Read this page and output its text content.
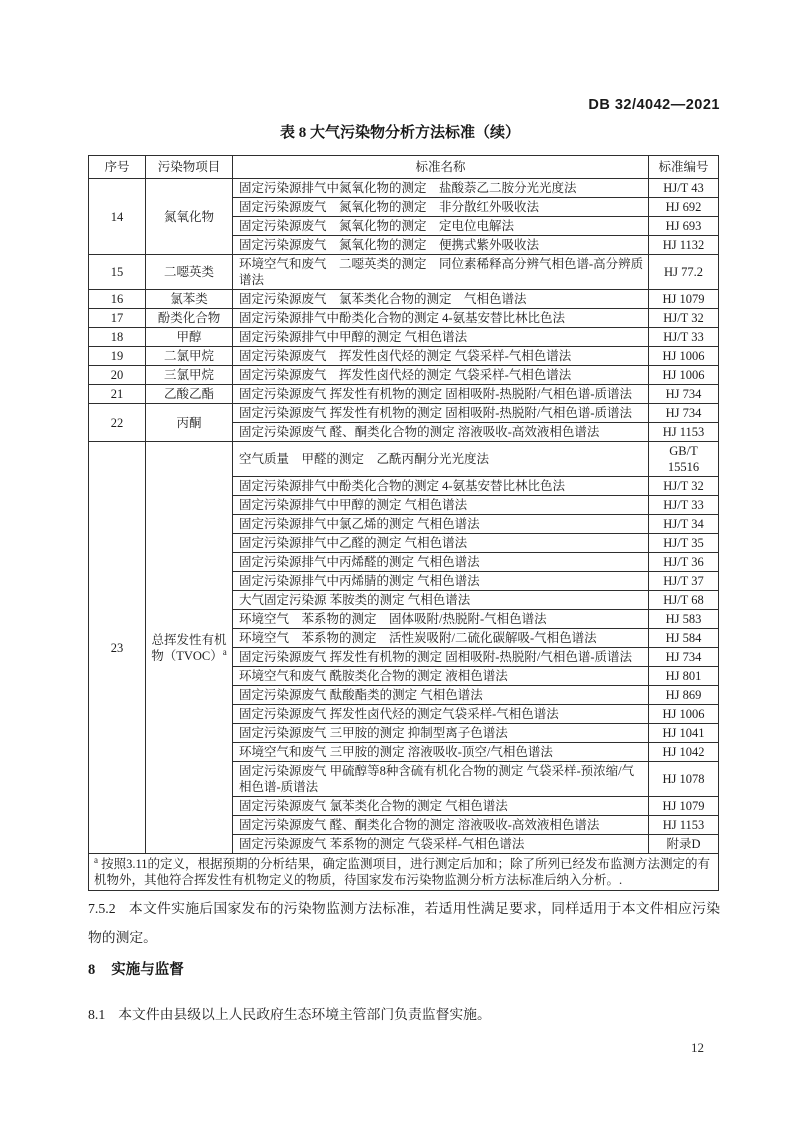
DB 32/4042—2021
表 8 大气污染物分析方法标准（续）
序号	污染物项目	标准名称	标准编号
14	氮氧化物	固定污染源排气中氮氧化物的测定　盐酸萘乙二胺分光光度法	HJ/T 43
		固定污染源废气　氮氧化物的测定　非分散红外吸收法	HJ 692
		固定污染源废气　氮氧化物的测定　定电位电解法	HJ 693
		固定污染源废气　氮氧化物的测定　便携式紫外吸收法	HJ 1132
15	二噁英类	环境空气和废气　二噁英类的测定　同位素稀释高分辨气相色谱-高分辨质谱法	HJ 77.2
16	氯苯类	固定污染源废气　氯苯类化合物的测定　气相色谱法	HJ 1079
17	酚类化合物	固定污染源排气中酚类化合物的测定 4-氨基安替比林比色法	HJ/T 32
18	甲醇	固定污染源排气中甲醇的测定 气相色谱法	HJ/T 33
19	二氯甲烷	固定污染源废气　挥发性卤代烃的测定 气袋采样-气相色谱法	HJ 1006
20	三氯甲烷	固定污染源废气　挥发性卤代烃的测定 气袋采样-气相色谱法	HJ 1006
21	乙酸乙酯	固定污染源废气 挥发性有机物的测定 固相吸附-热脱附/气相色谱-质谱法	HJ 734
22	丙酮	固定污染源废气 挥发性有机物的测定 固相吸附-热脱附/气相色谱-质谱法	HJ 734
		固定污染源废气 醛、酮类化合物的测定 溶液吸收-高效液相色谱法	HJ 1153
23	总挥发性有机物（TVOC）$^a$	空气质量　甲醛的测定　乙酰丙酮分光光度法	GB/T 15516
		固定污染源排气中酚类化合物的测定 4-氨基安替比林比色法	HJ/T 32
		固定污染源排气中甲醇的测定 气相色谱法	HJ/T 33
		固定污染源排气中氯乙烯的测定 气相色谱法	HJ/T 34
		固定污染源排气中乙醛的测定 气相色谱法	HJ/T 35
		固定污染源排气中丙烯醛的测定 气相色谱法	HJ/T 36
		固定污染源排气中丙烯腈的测定 气相色谱法	HJ/T 37
		大气固定污染源 苯胺类的测定 气相色谱法	HJ/T 68
		环境空气　苯系物的测定　固体吸附/热脱附-气相色谱法	HJ 583
		环境空气　苯系物的测定　活性炭吸附/二硫化碳解吸-气相色谱法	HJ 584
		固定污染源废气 挥发性有机物的测定 固相吸附-热脱附/气相色谱-质谱法	HJ 734
		环境空气和废气 酰胺类化合物的测定 液相色谱法	HJ 801
		固定污染源废气 酞酸酯类的测定 气相色谱法	HJ 869
		固定污染源废气 挥发性卤代烃的测定气袋采样-气相色谱法	HJ 1006
		固定污染源废气 三甲胺的测定 抑制型离子色谱法	HJ 1041
		环境空气和废气 三甲胺的测定 溶液吸收-顶空/气相色谱法	HJ 1042
		固定污染源废气 甲硫醇等8种含硫有机化合物的测定 气袋采样-预浓缩/气相色谱-质谱法	HJ 1078
		固定污染源废气 氯苯类化合物的测定 气相色谱法	HJ 1079
		固定污染源废气 醛、酮类化合物的测定 溶液吸收-高效液相色谱法	HJ 1153
		固定污染源废气 苯系物的测定 气袋采样-气相色谱法	附录D
$^a$ 按照3.11的定义，根据预期的分析结果，确定监测项目，进行测定后加和；除了所列已经发布监测方法测定的有机物外，其他符合挥发性有机物定义的物质，待国家发布污染物监测分析方法标准后纳入分析。.			

7.5.2 本文件实施后国家发布的污染物监测方法标准，若适用性满足要求，同样适用于本文件相应污染物的测定。

8 实施与监督

8.1 本文件由县级以上人民政府生态环境主管部门负责监督实施。

12
